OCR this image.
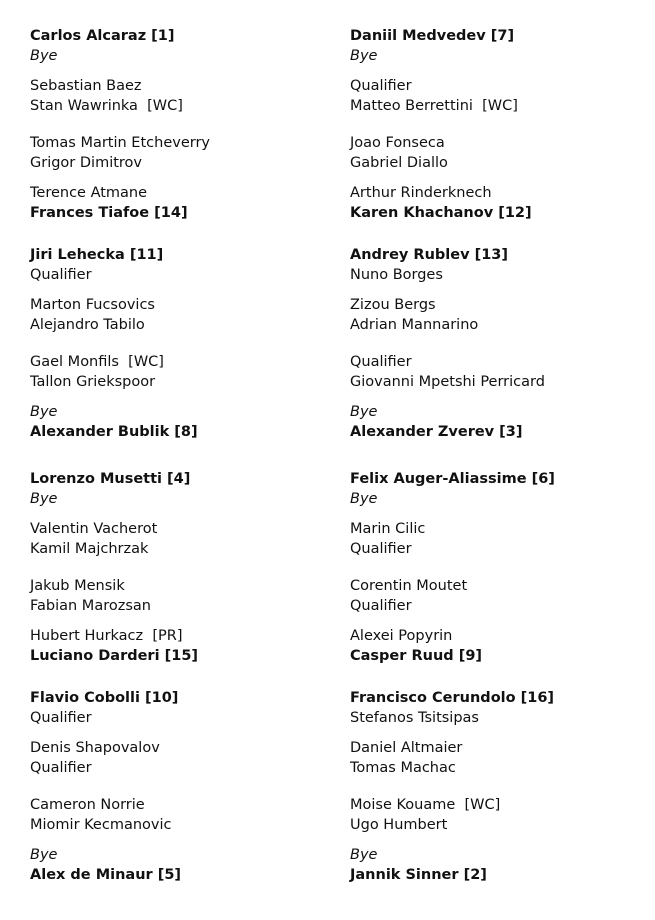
Carlos Alcaraz [1]
Bye
Sebastian Baez
Stan Wawrinka  [WC]
Tomas Martin Etcheverry
Grigor Dimitrov
Terence Atmane
Frances Tiafoe [14]
Jiri Lehecka [11]
Qualifier
Marton Fucsovics
Alejandro Tabilo
Gael Monfils  [WC]
Tallon Griekspoor
Bye
Alexander Bublik [8]
Lorenzo Musetti [4]
Bye
Valentin Vacherot
Kamil Majchrzak
Jakub Mensik
Fabian Marozsan
Hubert Hurkacz  [PR]
Luciano Darderi [15]
Flavio Cobolli [10]
Qualifier
Denis Shapovalov
Qualifier
Cameron Norrie
Miomir Kecmanovic
Bye
Alex de Minaur [5]
Daniil Medvedev [7]
Bye
Qualifier
Matteo Berrettini  [WC]
Joao Fonseca
Gabriel Diallo
Arthur Rinderknech
Karen Khachanov [12]
Andrey Rublev [13]
Nuno Borges
Zizou Bergs
Adrian Mannarino
Qualifier
Giovanni Mpetshi Perricard
Bye
Alexander Zverev [3]
Felix Auger-Aliassime [6]
Bye
Marin Cilic
Qualifier
Corentin Moutet
Qualifier
Alexei Popyrin
Casper Ruud [9]
Francisco Cerundolo [16]
Stefanos Tsitsipas
Daniel Altmaier
Tomas Machac
Moise Kouame  [WC]
Ugo Humbert
Bye
Jannik Sinner [2]
